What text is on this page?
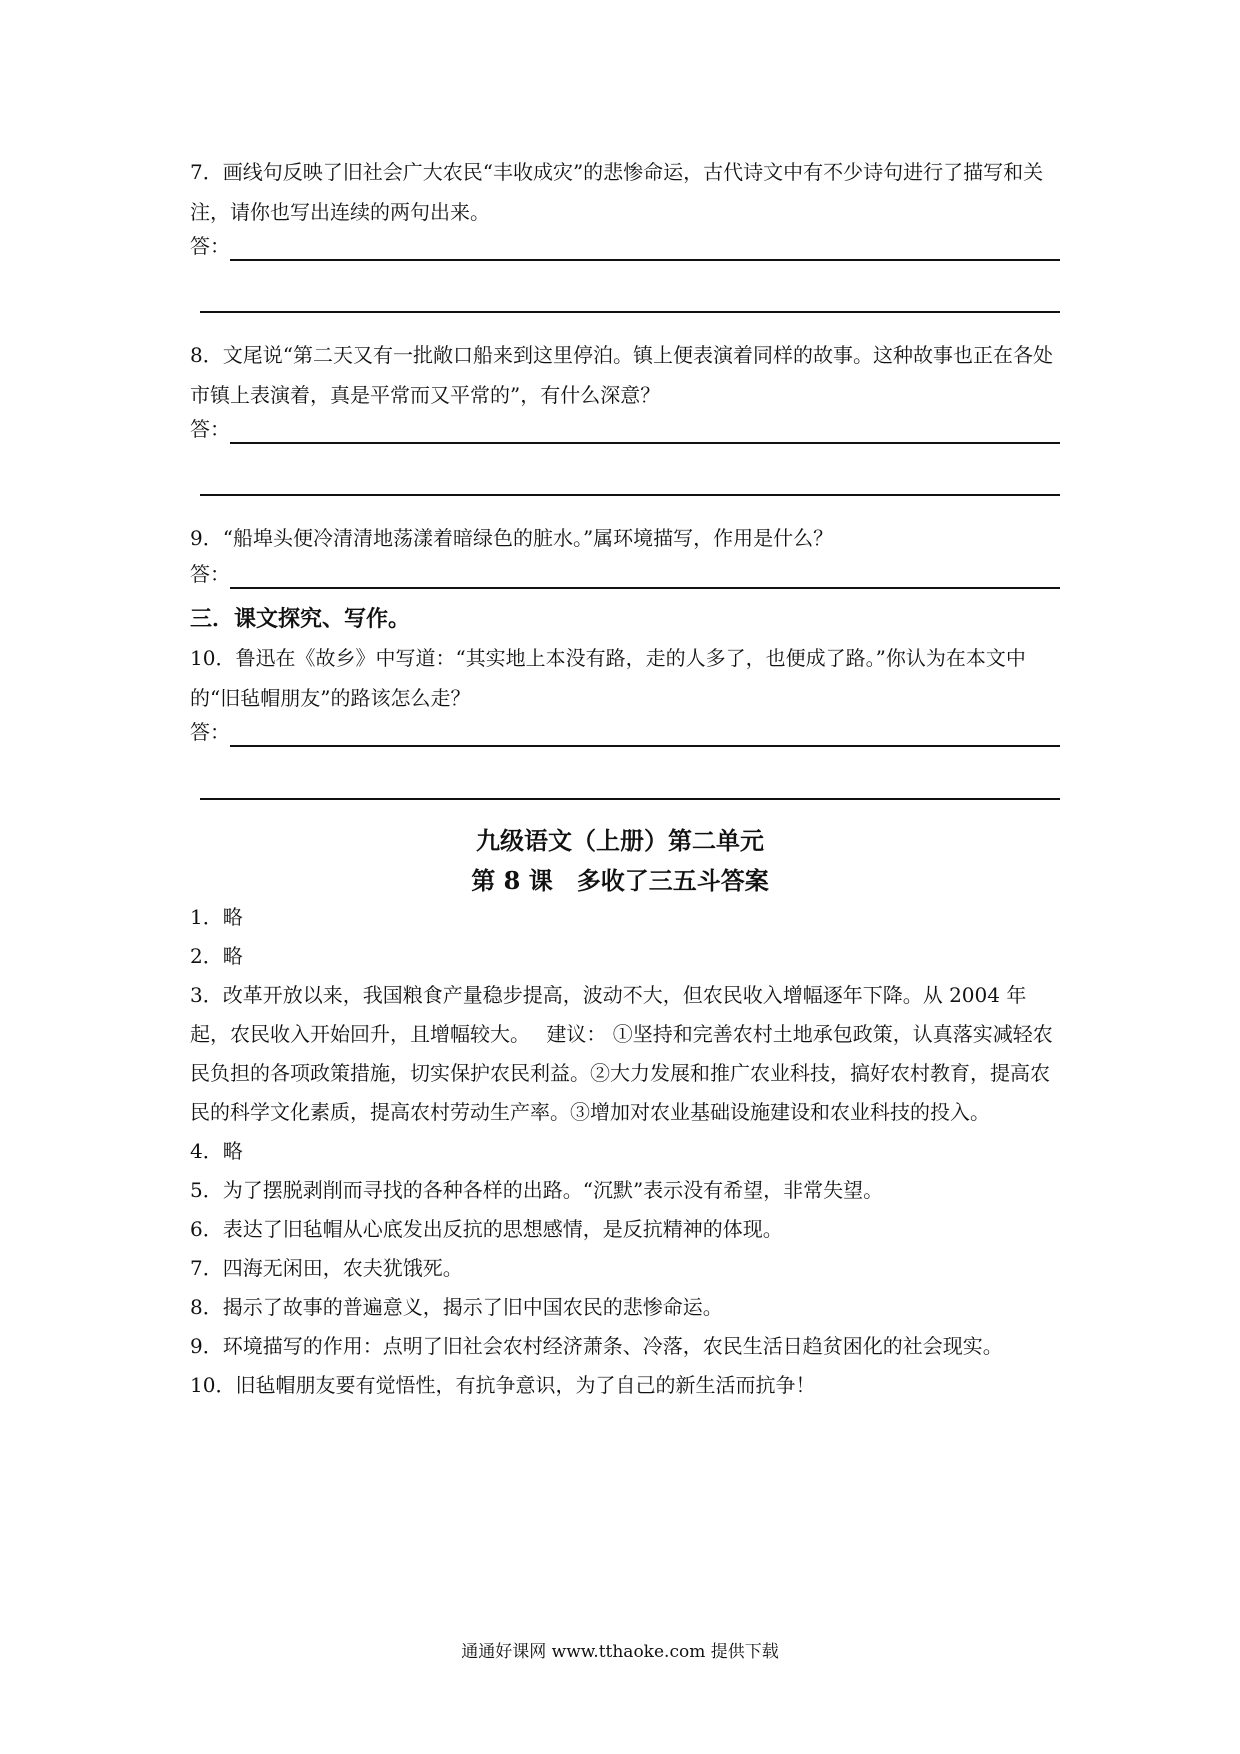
7．画线句反映了旧社会广大农民“丰收成灾”的悲惨命运，古代诗文中有不少诗句进行了描写和关注，请你也写出连续的两句出来。

答：

8．文尾说“第二天又有一批敞口船来到这里停泊。镇上便表演着同样的故事。这种故事也正在各处市镇上表演着，真是平常而又平常的”，有什么深意？

答：

9．“船埠头便冷清清地荡漾着暗绿色的脏水。”属环境描写，作用是什么？

答：
三．课文探究、写作。

10．鲁迅在《故乡》中写道：“其实地上本没有路，走的人多了，也便成了路。”你认为在本文中的“旧毡帽朋友”的路该怎么走？

答：
九级语文（上册）第二单元
第 8 课　多收了三五斗答案

1．略

2．略

3．改革开放以来，我国粮食产量稳步提高，波动不大，但农民收入增幅逐年下降。从 2004 年起，农民收入开始回升，且增幅较大。　 建议： ①坚持和完善农村土地承包政策，认真落实减轻农民负担的各项政策措施，切实保护农民利益。②大力发展和推广农业科技，搞好农村教育，提高农民的科学文化素质，提高农村劳动生产率。③增加对农业基础设施建设和农业科技的投入。

4．略

5．为了摆脱剥削而寻找的各种各样的出路。“沉默”表示没有希望，非常失望。

6．表达了旧毡帽从心底发出反抗的思想感情，是反抗精神的体现。

7．四海无闲田，农夫犹饿死。

8．揭示了故事的普遍意义，揭示了旧中国农民的悲惨命运。

9．环境描写的作用：点明了旧社会农村经济萧条、冷落，农民生活日趋贫困化的社会现实。

10．旧毡帽朋友要有觉悟性，有抗争意识，为了自己的新生活而抗争！

通通好课网 www.tthaoke.com 提供下载
